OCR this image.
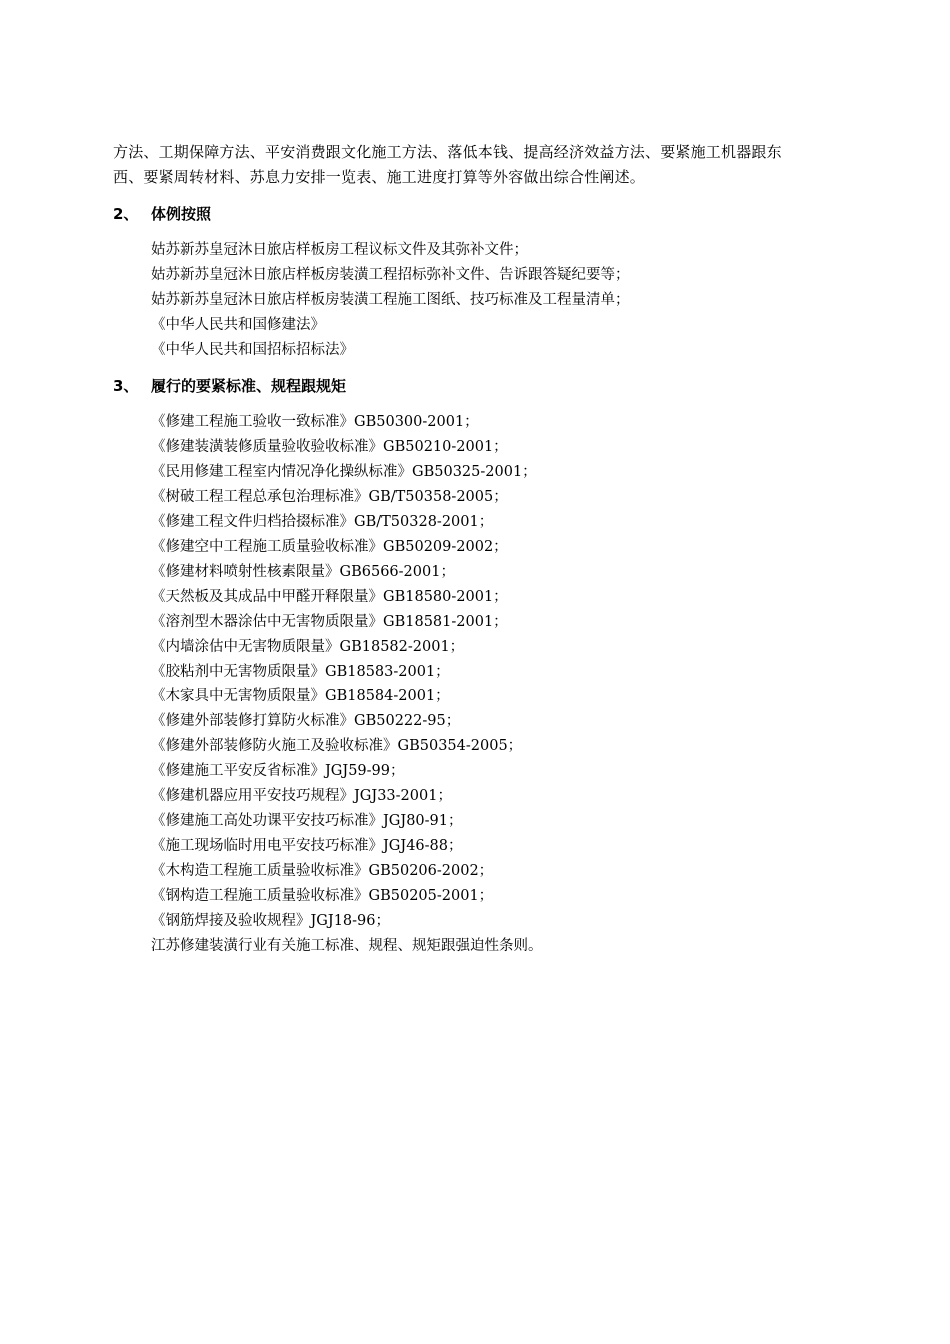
方法、工期保障方法、平安消费跟文化施工方法、落低本钱、提高经济效益方法、要紧施工机器跟东
西、要紧周转材料、苏息力安排一览表、施工进度打算等外容做出综合性阐述。

2、 体例按照
姑苏新苏皇冠沐日旅店样板房工程议标文件及其弥补文件；
姑苏新苏皇冠沐日旅店样板房装潢工程招标弥补文件、告诉跟答疑纪要等；
姑苏新苏皇冠沐日旅店样板房装潢工程施工图纸、技巧标准及工程量清单；
《中华人民共和国修建法》
《中华人民共和国招标招标法》
3、 履行的要紧标准、规程跟规矩
《修建工程施工验收一致标准》GB50300-2001；
《修建装潢装修质量验收验收标准》GB50210-2001；
《民用修建工程室内情况净化操纵标准》GB50325-2001；
《树破工程工程总承包治理标准》GB/T50358-2005；
《修建工程文件归档拾掇标准》GB/T50328-2001；
《修建空中工程施工质量验收标准》GB50209-2002；
《修建材料喷射性核素限量》GB6566-2001；
《天然板及其成品中甲醛开释限量》GB18580-2001；
《溶剂型木器涂估中无害物质限量》GB18581-2001；
《内墙涂估中无害物质限量》GB18582-2001；
《胶粘剂中无害物质限量》GB18583-2001；
《木家具中无害物质限量》GB18584-2001；
《修建外部装修打算防火标准》GB50222-95；
《修建外部装修防火施工及验收标准》GB50354-2005；
《修建施工平安反省标准》JGJ59-99；
《修建机器应用平安技巧规程》JGJ33-2001；
《修建施工高处功课平安技巧标准》JGJ80-91；
《施工现场临时用电平安技巧标准》JGJ46-88；
《木构造工程施工质量验收标准》GB50206-2002；
《钢构造工程施工质量验收标准》GB50205-2001；
《钢筋焊接及验收规程》JGJ18-96；
江苏修建装潢行业有关施工标准、规程、规矩跟强迫性条则。
